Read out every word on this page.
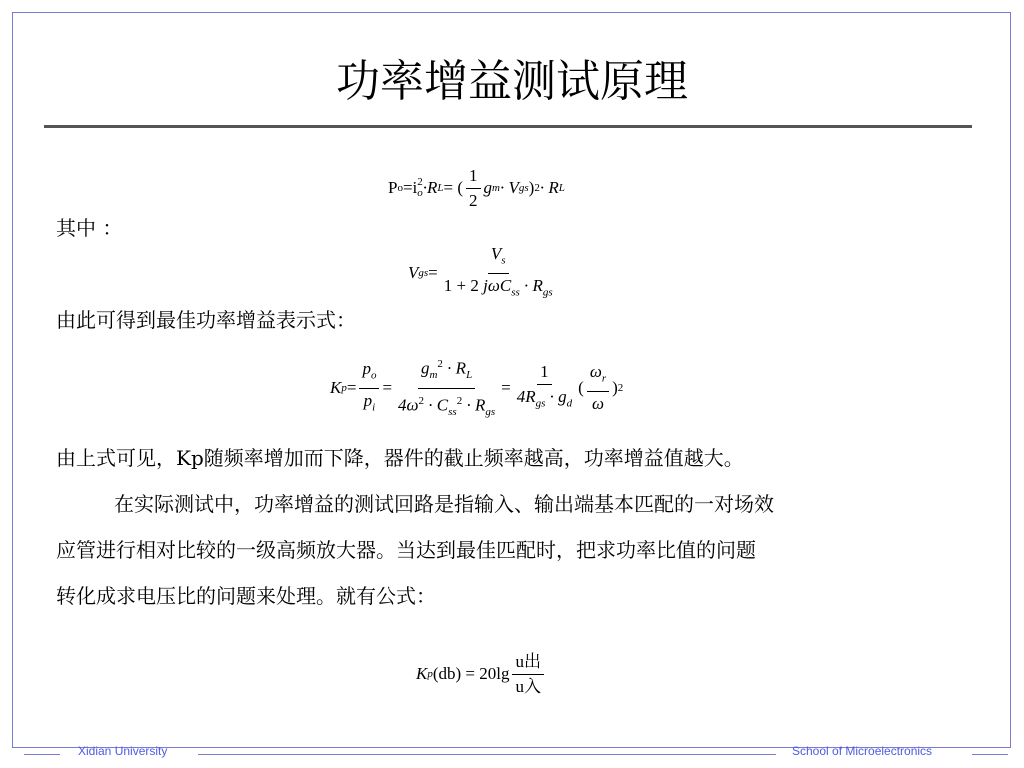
功率增益测试原理
P o =i 2
o ·R L = ( $\frac{1}{2}$ g m · V gs ) 2 · R L
其中 ：
V gs = $\frac{V_s}{1 + 2 j\omega C_{ss} \cdot R_{gs}}$
由此可得到最佳功率增益表示式：
K $p = \frac{p_o}{p_i} = \frac{g_m^2 \cdot R_L}{4\omega^2 \cdot C_{ss}^2 \cdot R_{gs}} = \frac{1}{4R_{gs} \cdot g_d}$ ( $\frac{\omega_r}{\omega}$ ) 2
由上式可见，Kp随频率增加而下降，器件的截止频率越高，功率增益值越大。
在实际测试中，功率增益的测试回路是指输入、输出端基本匹配的一对场效
应管进行相对比较的一级高频放大器。当达到最佳匹配时，把求功率比值的问题
转化成求电压比的问题来处理。就有公式：
K p $(db) = 20\lg \frac{\text{u出}}{\text{u入}}$
Xidian University	School of Microelectronics
